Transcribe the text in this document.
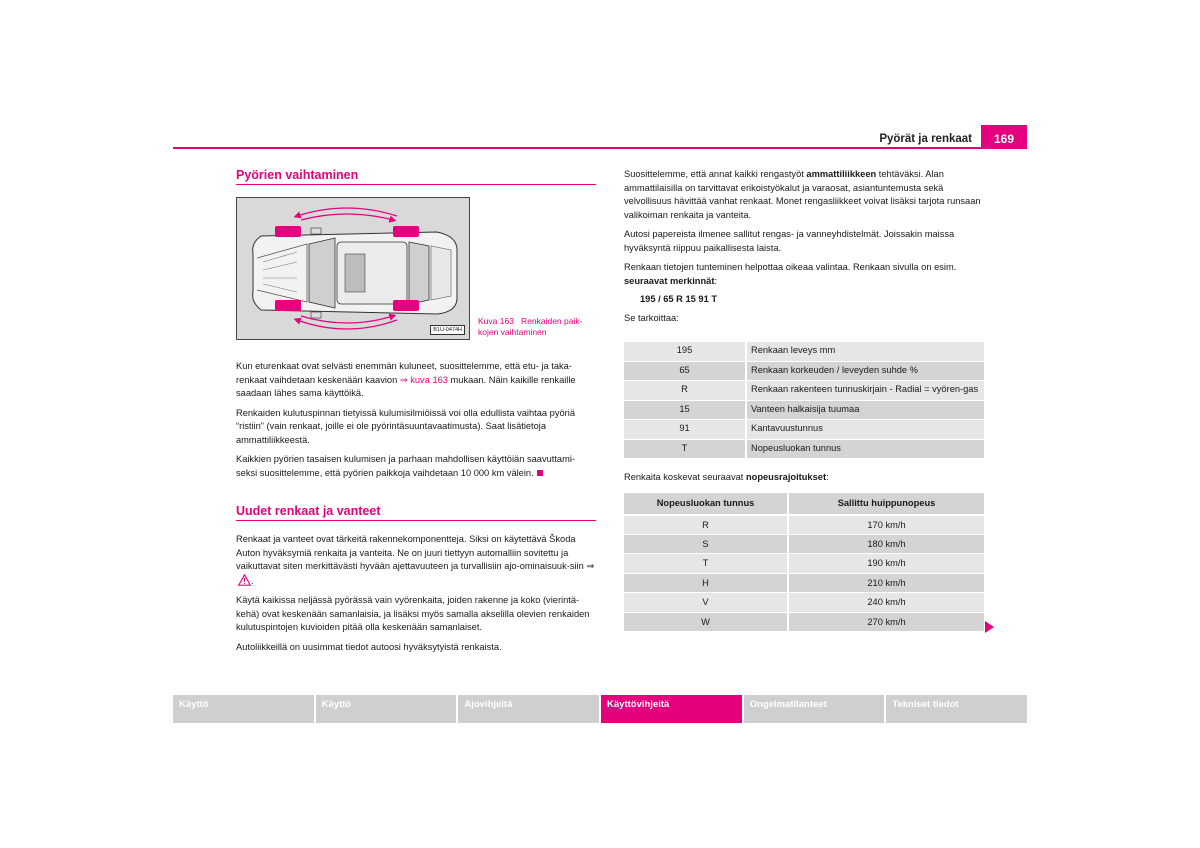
Pyörät ja renkaat	169
Pyörien vaihtaminen
B1U-0474H
Kuva 163 Renkaiden paik-kojen vaihtaminen

Kun eturenkaat ovat selvästi enemmän kuluneet, suosittelemme, että etu- ja taka-renkaat vaihdetaan keskenään kaavion ⇒ kuva 163 mukaan. Näin kaikille renkaille saadaan lähes sama käyttöikä.

Renkaiden kulutuspinnan tietyissä kulumisilmiöissä voi olla edullista vaihtaa pyöriä “ristiin” (vain renkaat, joille ei ole pyörintäsuuntavaatimusta). Saat lisätietoja ammattiliikkeestä.

Kaikkien pyörien tasaisen kulumisen ja parhaan mahdollisen käyttöiän saavuttami-seksi suosittelemme, että pyörien paikkoja vaihdetaan 10 000 km välein.

Uudet renkaat ja vanteet

Renkaat ja vanteet ovat tärkeitä rakennekomponentteja. Siksi on käytettävä Škoda Auton hyväksymiä renkaita ja vanteita. Ne on juuri tiettyyn automalliin sovitettu ja vaikuttavat siten merkittävästi hyvään ajettavuuteen ja turvallisiin ajo-ominaisuuk-siin ⇒ .

Käytä kaikissa neljässä pyörässä vain vyörenkaita, joiden rakenne ja koko (vierintä-kehä) ovat keskenään samanlaisia, ja lisäksi myös samalla akselilla olevien renkaiden kulutuspintojen kuvioiden pitää olla keskenään samanlaiset.

Autoliikkeillä on uusimmat tiedot autoosi hyväksytyistä renkaista.

Suosittelemme, että annat kaikki rengastyöt ammattiliikkeen tehtäväksi. Alan ammattilaisilla on tarvittavat erikoistyökalut ja varaosat, asiantuntemusta sekä velvollisuus hävittää vanhat renkaat. Monet rengasliikkeet voivat lisäksi tarjota runsaan valikoiman renkaita ja vanteita.

Autosi papereista ilmenee sallitut rengas- ja vanneyhdistelmät. Joissakin maissa hyväksyntä riippuu paikallisesta laista.

Renkaan tietojen tunteminen helpottaa oikeaa valintaa. Renkaan sivulla on esim. seuraavat merkinnät:

195 / 65 R 15 91 T

Se tarkoittaa:

195	Renkaan leveys mm
65	Renkaan korkeuden / leveyden suhde %
R	Renkaan rakenteen tunnuskirjain - Radial = vyören-gas
15	Vanteen halkaisija tuumaa
91	Kantavuustunnus
T	Nopeusluokan tunnus

Renkaita koskevat seuraavat nopeusrajoitukset:

Nopeusluokan tunnus	Sallittu huippunopeus
R	170 km/h
S	180 km/h
T	190 km/h
H	210 km/h
V	240 km/h
W	270 km/h
Käyttö	Käyttö	Ajovihjeitä	Käyttövihjeitä	Ongelmatilanteet	Tekniset tiedot
